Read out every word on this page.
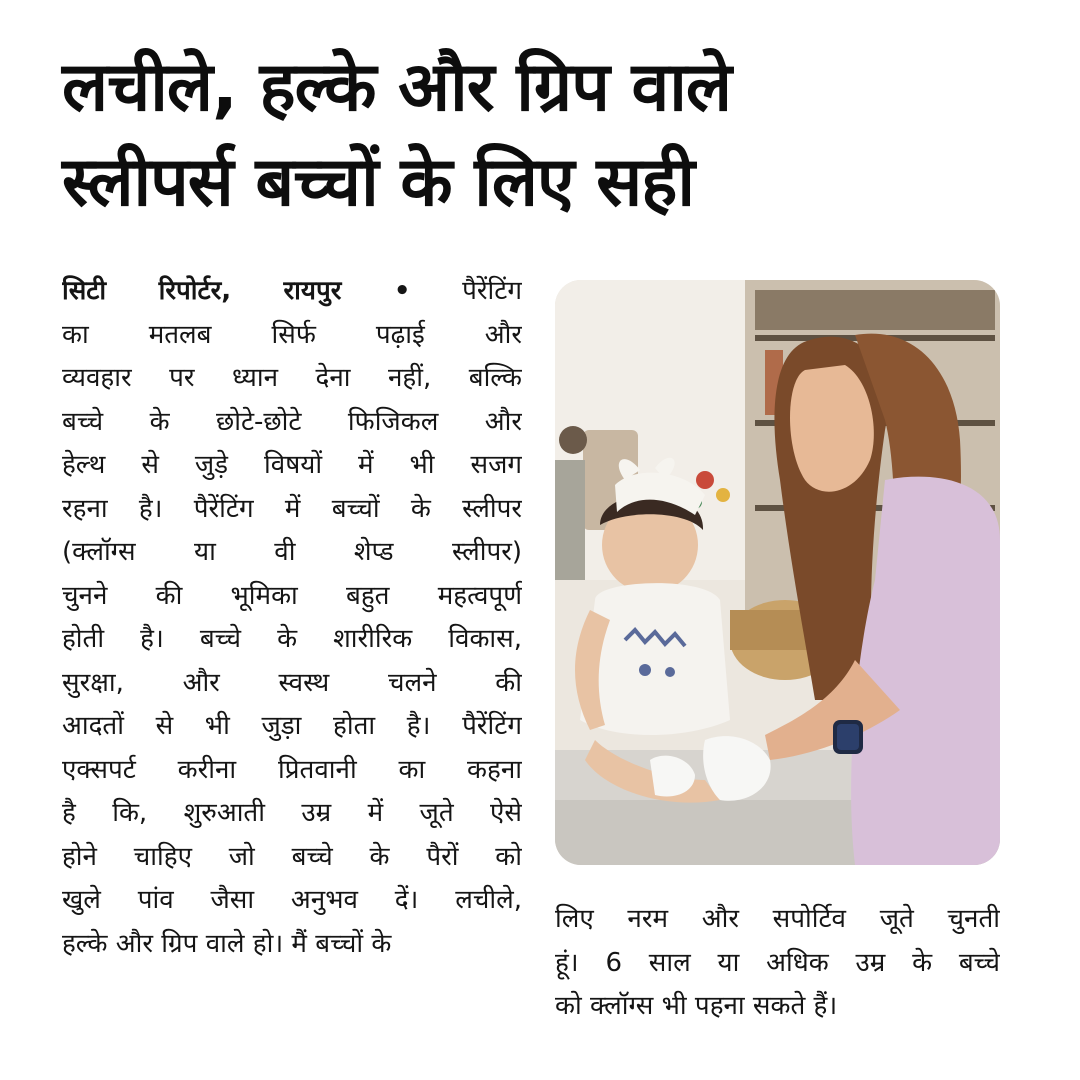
लचीले, हल्के और ग्रिप वाले
स्लीपर्स बच्चों के लिए सही
सिटी रिपोर्टर, रायपुर • पैरेंटिंग
का मतलब सिर्फ पढ़ाई और
व्यवहार पर ध्यान देना नहीं, बल्कि
बच्चे के छोटे-छोटे फिजिकल और
हेल्थ से जुड़े विषयों में भी सजग
रहना है। पैरेंटिंग में बच्चों के स्लीपर
(क्लॉग्स या वी शेप्ड स्लीपर)
चुनने की भूमिका बहुत महत्वपूर्ण
होती है। बच्चे के शारीरिक विकास,
सुरक्षा, और स्वस्थ चलने की
आदतों से भी जुड़ा होता है। पैरेंटिंग
एक्सपर्ट करीना प्रितवानी का कहना
है कि, शुरुआती उम्र में जूते ऐसे
होने चाहिए जो बच्चे के पैरों को
खुले पांव जैसा अनुभव दें। लचीले,
हल्के और ग्रिप वाले हो। मैं बच्चों के
लिए नरम और सपोर्टिव जूते चुनती
हूं। 6 साल या अधिक उम्र के बच्चे
को क्लॉग्स भी पहना सकते हैं।
